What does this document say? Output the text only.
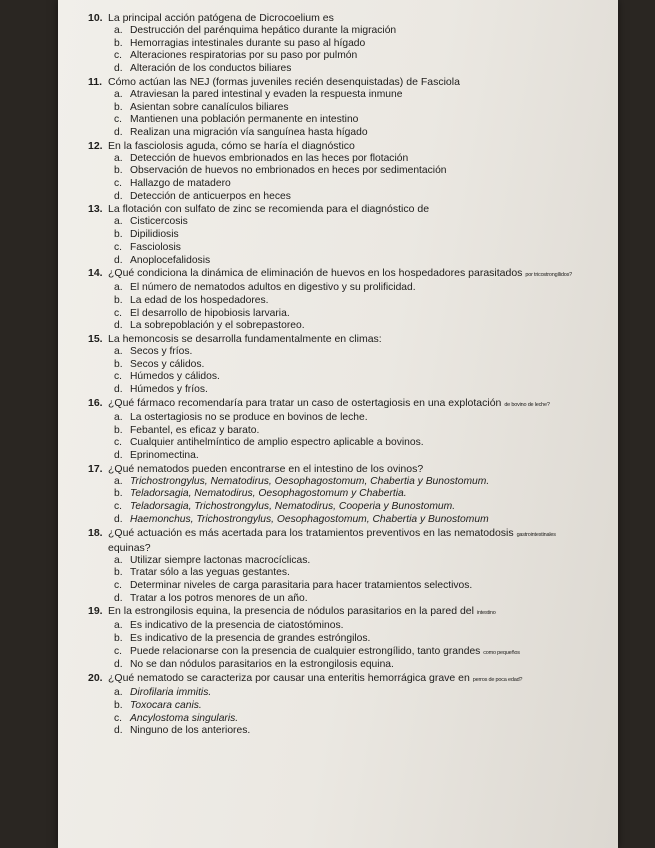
10. La principal acción patógena de Dicrocoelium es
a. Destrucción del parénquima hepático durante la migración
b. Hemorragias intestinales durante su paso al hígado
c. Alteraciones respiratorias por su paso por pulmón
d. Alteración de los conductos biliares
11. Cómo actúan las NEJ (formas juveniles recién desenquistadas) de Fasciola
a. Atraviesan la pared intestinal y evaden la respuesta inmune
b. Asientan sobre canalículos biliares
c. Mantienen una población permanente en intestino
d. Realizan una migración vía sanguínea hasta hígado
12. En la fasciolosis aguda, cómo se haría el diagnóstico
a. Detección de huevos embrionados en las heces por flotación
b. Observación de huevos no embrionados en heces por sedimentación
c. Hallazgo de matadero
d. Detección de anticuerpos en heces
13. La flotación con sulfato de zinc se recomienda para el diagnóstico de
a. Cisticercosis
b. Dipilidiosis
c. Fasciolosis
d. Anoplocefalidosis
14. ¿Qué condiciona la dinámica de eliminación de huevos en los hospedadores parasitados por tricostrongílidos?
a. El número de nematodos adultos en digestivo y su prolificidad.
b. La edad de los hospedadores.
c. El desarrollo de hipobiosis larvaria.
d. La sobrepoblación y el sobrepastoreo.
15. La hemoncosis se desarrolla fundamentalmente en climas:
a. Secos y fríos.
b. Secos y cálidos.
c. Húmedos y cálidos.
d. Húmedos y fríos.
16. ¿Qué fármaco recomendaría para tratar un caso de ostertagiosis en una explotación de bovino de leche?
a. La ostertagiosis no se produce en bovinos de leche.
b. Febantel, es eficaz y barato.
c. Cualquier antihelmíntico de amplio espectro aplicable a bovinos.
d. Eprinomectina.
17. ¿Qué nematodos pueden encontrarse en el intestino de los ovinos?
a. Trichostrongylus, Nematodirus, Oesophagostomum, Chabertia y Bunostomum.
b. Teladorsagia, Nematodirus, Oesophagostomum y Chabertia.
c. Teladorsagia, Trichostrongylus, Nematodirus, Cooperia y Bunostomum.
d. Haemonchus, Trichostrongylus, Oesophagostomum, Chabertia y Bunostomum
18. ¿Qué actuación es más acertada para los tratamientos preventivos en las nematodosis gastrointestinales
equinas?
a. Utilizar siempre lactonas macrocíclicas.
b. Tratar sólo a las yeguas gestantes.
c. Determinar niveles de carga parasitaria para hacer tratamientos selectivos.
d. Tratar a los potros menores de un año.
19. En la estrongilosis equina, la presencia de nódulos parasitarios en la pared del intestino
a. Es indicativo de la presencia de ciatostóminos.
b. Es indicativo de la presencia de grandes estróngilos.
c. Puede relacionarse con la presencia de cualquier estrongílido, tanto grandes como pequeños
d. No se dan nódulos parasitarios en la estrongilosis equina.
20. ¿Qué nematodo se caracteriza por causar una enteritis hemorrágica grave en perros de poca edad?
a. Dirofilaria immitis.
b. Toxocara canis.
c. Ancylostoma singularis.
d. Ninguno de los anteriores.
